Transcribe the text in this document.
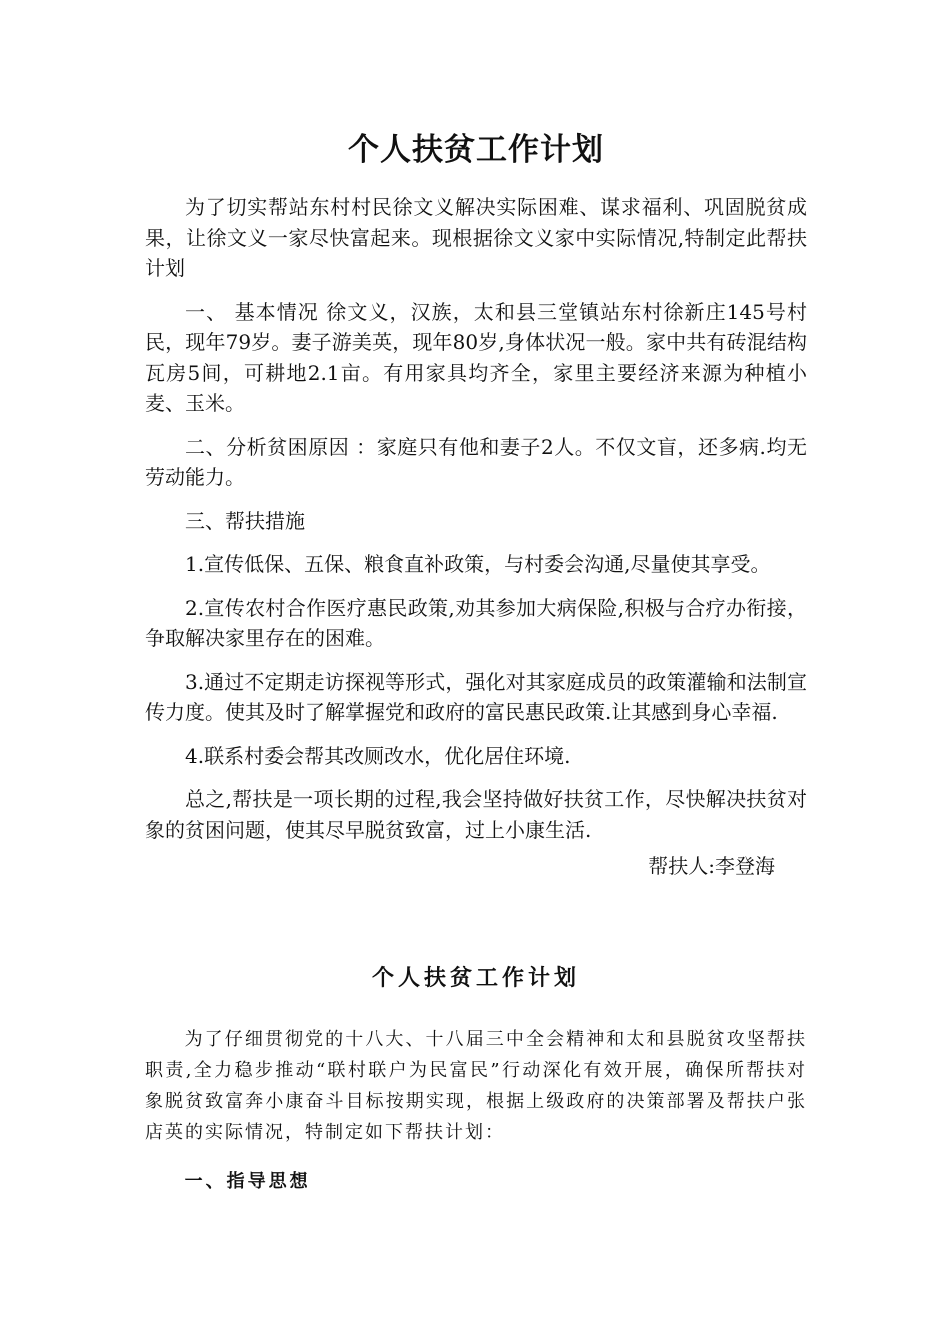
个人扶贫工作计划

为了切实帮站东村村民徐文义解决实际困难、谋求福利、巩固脱贫成果，让徐文义一家尽快富起来。现根据徐文义家中实际情况,特制定此帮扶计划

一、 基本情况 徐文义，汉族，太和县三堂镇站东村徐新庄145号村民，现年79岁。妻子游美英，现年80岁,身体状况一般。家中共有砖混结构瓦房5间，可耕地2.1亩。有用家具均齐全，家里主要经济来源为种植小麦、玉米。

二、分析贫困原因 ：家庭只有他和妻子2人。不仅文盲，还多病.均无劳动能力。

三、帮扶措施

1.宣传低保、五保、粮食直补政策，与村委会沟通,尽量使其享受。

2.宣传农村合作医疗惠民政策,劝其参加大病保险,积极与合疗办衔接，争取解决家里存在的困难。

3.通过不定期走访探视等形式，强化对其家庭成员的政策灌输和法制宣传力度。使其及时了解掌握党和政府的富民惠民政策.让其感到身心幸福.

4.联系村委会帮其改厕改水，优化居住环境.

总之,帮扶是一项长期的过程,我会坚持做好扶贫工作，尽快解决扶贫对象的贫困问题，使其尽早脱贫致富，过上小康生活.

帮扶人:李登海

个人扶贫工作计划

为了仔细贯彻党的十八大、十八届三中全会精神和太和县脱贫攻坚帮扶职责,全力稳步推动“联村联户为民富民”行动深化有效开展，确保所帮扶对象脱贫致富奔小康奋斗目标按期实现，根据上级政府的决策部署及帮扶户张店英的实际情况，特制定如下帮扶计划：

一、指导思想
